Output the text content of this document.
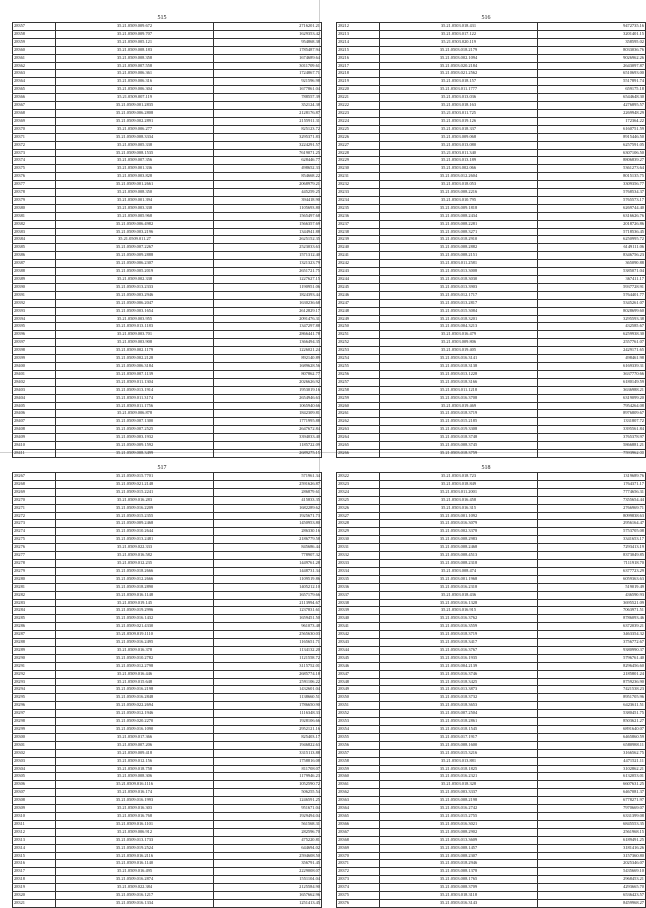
515
28357	35.21.0509.009.672	2716201.21
28358	35.21.0509.009.707	1629353.42
28359	35.21.0509.005.121	954868.38
28360	35.21.0509.008.183	1785487.94
28361	35.21.0509.008.358	1674689.64
28362	35.21.0509.007.558	3011709.61
28363	35.21.0509.006.361	1724867.71
28364	35.21.0509.006.316	921596.98
28365	35.21.0509.006.304	1677861.04
28366	35.21.0509.007.119	788557.39
28367	35.21.0509.001.2835	352124.38
28368	35.21.0509.006.2808	2128176.87
28369	35.21.0509.002.2891	2155911.31
28370	35.21.0509.006.277	825123.72
28371	35.21.0509.008.3334	3295371.83
28372	35.21.0509.005.338	3224291.57
28373	35.21.0509.008.1535	7619071.25
28374	35.21.0509.007.356	628446.77
28375	35.21.0509.001.336	498652.33
28376	35.21.0509.003.828	854668.22
28377	35.21.0509.001.2661	2068979.21
28378	35.21.0509.008.350	445259.25
28379	35.21.0509.001.394	394418.90
28380	35.21.0509.003.338	1105693.80
28381	35.21.0509.005.968	1565497.68
28382	35.21.0509.006.4982	1566357.69
28383	35.21.0509.003.2196	1344941.88
28384	35.21.0509.011.27	2625152.35
28385	35.21.0509.007.2267	2523033.63
28386	35.21.0509.009.2888	1571312.40
28387	35.21.0509.006.2307	1321323.79
28388	35.21.0509.005.2019	2651721.75
28389	35.21.0509.002.338	1227627.15
28390	35.21.0509.013.2333	1190951.06
28391	35.21.0509.003.2946	1824393.44
28392	35.21.0509.006.2047	1630236.68
28393	35.21.0509.003.1654	2612829.17
28394	35.21.0509.003.955	2091476.31
28395	35.21.0509.013.1183	1347297.88
28396	35.21.0509.003.701	2866441.78
28397	35.21.0509.003.908	1366494.35
28398	35.21.0509.002.1179	1226021.24
28399	35.21.0509.002.2128	892140.89
28400	35.21.0509.006.3184	1689628.56
28401	35.21.0509.007.1139	807862.77
28402	35.21.0509.011.1304	2026626.92
28403	35.21.0509.013.1914	1953019.16
28404	35.21.0509.011.3174	2654946.63
28405	35.21.0509.011.1756	1065940.66
28406	35.21.0509.006.878	1842309.81
28407	35.21.0509.007.1300	1771995.88
28408	35.21.0509.007.2525	2647672.84
28409	35.21.0509.003.1932	3394033.40
28410	35.21.0509.009.1592	1185722.09
28411	35.21.0509.008.3499	2689275.15
516
28212	35.21.0503.018.431	9472735.16
28213	35.21.0503.017.122	3201401.15
28214	35.21.0503.020.119	358595.02
28215	35.21.0503.018.2179	8033036.76
28216	35.21.0503.002.1094	9026962.26
28217	35.21.0503.020.2184	2643097.87
28218	35.21.0503.021.2562	6510693.00
28219	35.21.0503.018.157	5517891.74
28220	35.21.0503.011.1777	659175.18
28221	35.21.0503.013.036	6544648.30
28222	35.21.0503.018.163	4276895.57
28223	35.21.0503.011.725	2269948.29
28224	35.21.0503.019.126	172364.22
28225	35.21.0503.018.337	6160751.59
28226	35.21.0503.009.068	8915446.50
28227	35.21.0503.013.080	6257591.05
28228	35.21.0503.011.340	6307106.50
28229	35.21.0503.013.189	8806839.27
28230	35.21.0503.002.066	5361273.64
28231	35.21.0503.012.2604	8015135.75
28232	35.21.0503.018.053	3309356.77
28233	35.21.0503.008.2216	5768534.37
28234	35.21.0503.010.795	5765573.17
28235	35.21.0503.009.1818	6269744.40
28236	35.21.0503.008.2434	6316626.76
28237	35.21.0503.008.2281	2018726.86
28238	35.21.0503.008.3271	5718536.45
28239	35.21.0503.018.2910	6250995.72
28240	35.21.0503.008.2882	6149111.06
28241	35.21.0503.008.2151	8346756.23
28242	35.21.0503.011.2581	365090.88
28243	35.21.0503.013.3008	5385071.04
28244	35.21.0503.018.3030	367411.17
28245	35.21.0503.013.3903	5937728.91
28246	35.21.0503.012.1717	5764401.77
28247	35.21.0503.013.2817	5345261.07
28248	35.21.0503.015.3084	8028699.60
28249	35.21.0503.018.3201	3295593.38
28250	35.21.0503.004.3213	432585.67
28251	35.21.0503.016.479	6259938.30
28252	35.21.0503.009.806	2557761.07
28253	35.21.0503.019.405	2429171.65
28254	35.21.0503.016.3141	498461.98
28255	35.21.0503.018.3138	6169339.31
28256	35.21.0503.013.1228	3637770.66
28257	35.21.0503.018.3166	6180149.59
28258	35.21.0503.011.1218	3636988.21
28259	35.21.0503.016.3708	6319099.20
28260	35.21.0503.019.469	7954264.08
28261	35.21.0503.018.3719	8976809.67
28262	35.21.0503.015.2185	1331807.72
28263	35.21.0503.019.3308	3395561.84
28264	35.21.0503.018.3748	3765378.97
28265	35.21.0503.008.3745	5866881.21
28266	35.21.0503.018.3759	7593962.00
517
28267	35.21.0509.015.7701	571961.34
28268	35.21.0509.021.2148	2591626.87
28269	35.21.0509.015.2241	286879.61
28270	35.21.0509.016.283	415833.35
28271	35.21.0509.016.2209	1682289.62
28272	35.21.0509.015.2355	1925671.73
28273	35.21.0509.009.2468	1450953.80
28274	35.21.0509.010.2644	286330.16
28275	35.21.0509.013.2481	2186779.58
28276	35.21.0509.022.333	845686.44
28277	35.21.0509.016.582	778907.32
28278	35.21.0509.012.235	1449761.28
28279	35.21.0509.018.2666	1448731.34
28280	35.21.0509.012.2666	1109519.86
28281	35.21.0509.018.2890	1405212.10
28282	35.21.0509.016.1148	1657179.66
28283	35.21.0509.019.145	2113994.67
28284	35.21.0509.019.2996	1237831.61
28285	35.21.0509.016.1432	1659451.50
28286	35.21.0509.021.4330	961073.48
28287	35.21.0509.019.1110	2565630.03
28288	35.21.0509.016.2495	1165651.71
28289	35.21.0509.016.378	1134132.20
28290	35.21.0509.010.2782	1121558.72
28291	35.21.0509.012.2798	3115752.01
28292	35.21.0509.016.446	2685774.18
28293	35.21.0509.015.648	2591106.22
28294	35.21.0509.016.2198	1432601.04
28295	35.21.0509.016.2848	1138660.51
28296	35.21.0509.022.2694	1786650.90
28297	35.21.0509.012.1946	1116348.33
28298	35.21.0509.020.2270	1928106.66
28299	35.21.0509.016.1090	2952121.16
28300	35.21.0509.017.366	825403.17
28301	35.21.0509.007.206	1946822.63
28302	35.21.0509.009.418	3315113.88
28303	35.21.0509.012.156	1758816.08
28304	35.21.0509.018.758	811708.07
28305	35.21.0509.008.306	1179946.23
28306	35.21.0509.016.1116	1052590.72
28307	35.21.0509.016.174	506255.54
28308	35.21.0509.016.1993	1246591.25
28309	35.21.0509.016.303	951671.04
28310	35.21.0509.016.768	1929494.04
28311	35.21.0509.016.1101	561568.31
28312	35.21.0509.006.912	282596.70
28313	35.21.0509.013.1733	475220.81
28314	35.21.0509.019.2524	644694.02
28315	35.21.0509.016.2116	2594608.50
28316	35.21.0509.016.1140	356791.45
28317	35.21.0509.016.495	2229008.07
28318	35.21.0509.016.2874	1551104.04
28319	35.21.0509.022.384	2125584.90
28320	35.21.0509.016.1217	1657662.96
28321	35.21.0509.016.1334	1251413.45
518
28322	35.21.0503.018.723	1319689.76
28323	35.21.0503.018.849	1764371.17
28324	35.21.0503.011.2001	7774656.31
28325	35.21.0503.016.458	7355654.44
28326	35.21.0503.016.315	2766969.71
28327	35.21.0503.001.1092	8099838.63
28328	35.21.0503.016.3079	2956164.47
28329	35.21.0503.002.3378	5753705.08
28330	35.21.0503.008.2983	3341653.17
28331	35.21.0503.008.2468	7293413.19
28332	35.21.0503.008.4513	8373049.85
28333	35.21.0503.008.2318	7111918.70
28334	35.21.0503.008.474	6377723.29
28335	35.21.0503.001.1968	6059363.63
28336	35.21.0503.016.2318	519019.49
28337	35.21.0503.018.436	436590.93
28338	35.21.0503.016.1328	3695521.09
28339	35.21.0503.016.915	7063971.51
28340	35.21.0503.016.3762	8786093.46
28341	35.21.0503.016.3559	6372039.21
28342	35.21.0503.018.3719	3463354.32
28343	35.21.0503.018.3417	3756772.67
28344	35.21.0503.016.3767	9380990.37
28345	35.21.0503.016.1935	5796761.40
28346	35.21.0503.004.2139	8296456.60
28347	35.21.0503.016.3746	2185801.24
28348	35.21.0503.018.3425	8759236.90
28349	35.21.0503.013.3873	7421538.23
28350	35.21.0503.018.3732	8951705.96
28351	35.21.0503.018.3653	6423611.51
28352	35.21.0503.007.2504	5380451.75
28353	35.21.0503.018.2861	8503621.27
28354	35.21.0503.018.1545	6891640.07
28355	35.21.0503.017.1917	6465860.59
28356	35.21.0503.008.1600	6580988.11
28357	35.21.0503.015.3216	3166562.75
28358	35.21.0503.013.881	4471521.11
28359	35.21.0503.018.1825	3102862.21
28360	35.21.0503.016.2321	6132053.01
28361	35.21.0503.018.328	6607631.25
28362	35.21.0503.003.3337	6467081.37
28363	35.21.0503.008.2198	6778271.97
28364	35.21.0503.016.2742	7970669.07
28365	35.21.0503.015.2755	6331399.08
28366	35.21.0503.016.3021	6845553.35
28367	35.21.0503.008.2902	2561968.15
28368	35.21.0503.013.3609	6189491.25
28369	35.21.0503.008.1457	3181416.26
28370	35.21.0503.008.2307	3157360.80
28371	35.21.0503.018.2946	2025346.07
28372	35.21.0503.008.1378	5435669.10
28373	35.21.0503.008.1765	2968453.21
28374	35.21.0503.008.3709	4293665.70
28375	35.21.0503.018.3118	6536423.57
28376	35.21.0503.016.3143	8459968.27
